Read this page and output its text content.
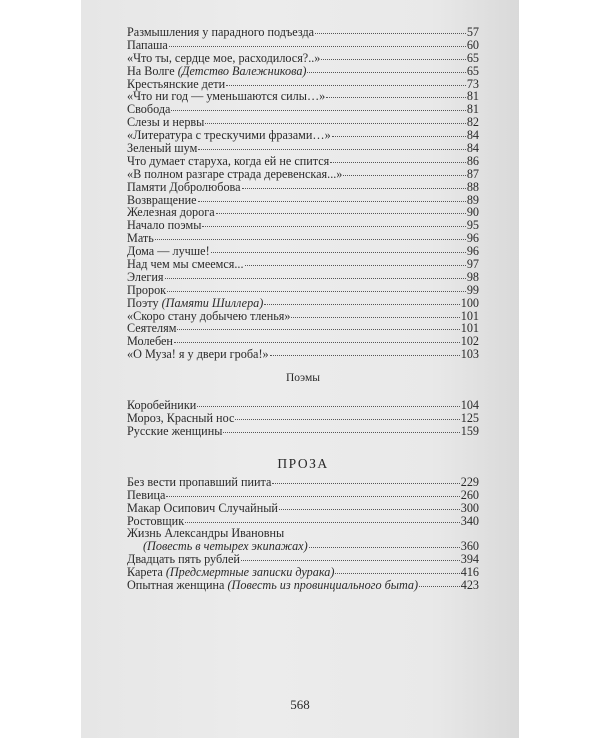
Размышления у парадного подъезда	57
Папаша	60
«Что ты, сердце мое, расходилося?..»	65
На Волге (Детство Валежникова)	65
Крестьянские дети	73
«Что ни год — уменьшаются силы…»	81
Свобода	81
Слезы и нервы	82
«Литература с трескучими фразами…»	84
Зеленый шум	84
Что думает старуха, когда ей не спится	86
«В полном разгаре страда деревенская...»	87
Памяти Добролюбова	88
Возвращение	89
Железная дорога	90
Начало поэмы	95
Мать	96
Дома — лучше!	96
Над чем мы смеемся...	97
Элегия	98
Пророк	99
Поэту (Памяти Шиллера)	100
«Скоро стану добычею тленья»	101
Сеятелям	101
Молебен	102
«О Муза! я у двери гроба!»	103
Поэмы
Коробейники	104
Мороз, Красный нос	125
Русские женщины	159
ПРОЗА
Без вести пропавший пиита	229
Певица	260
Макар Осипович Случайный	300
Ростовщик	340
Жизнь Александры Ивановны
(Повесть в четырех экипажах)	360
Двадцать пять рублей	394
Карета (Предсмертные записки дурака)	416
Опытная женщина (Повесть из провинциального быта)	423
568
